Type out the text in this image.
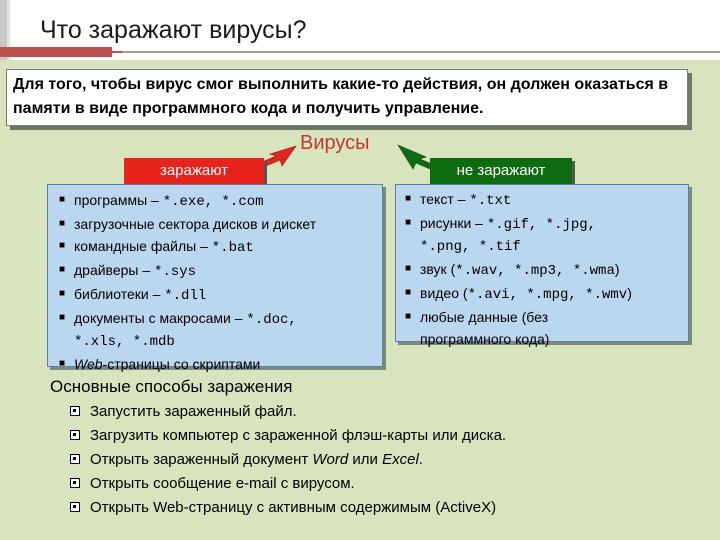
Что заражают вирусы?
Для того, чтобы вирус смог выполнить какие-то действия, он должен оказаться в памяти в виде программного кода и получить управление.
Вирусы
заражают	не заражают
■ программы – *.exe, *.com
■ загрузочные сектора дисков и дискет
■ командные файлы – *.bat
■ драйверы – *.sys
■ библиотеки – *.dll
■ документы с макросами – *.doc,
*.xls, *.mdb
■ Web-страницы со скриптами
■ текст – *.txt
■ рисунки – *.gif, *.jpg,
*.png, *.tif
■ звук (*.wav, *.mp3, *.wma)
■ видео (*.avi, *.mpg, *.wmv)
■ любые данные (без
программного кода)
Основные способы заражения
Запустить зараженный файл.
Загрузить компьютер с зараженной флэш-карты или диска.
Открыть зараженный документ Word или Excel.
Открыть сообщение e-mail с вирусом.
Открыть Web-страницу с активным содержимым (ActiveX)
